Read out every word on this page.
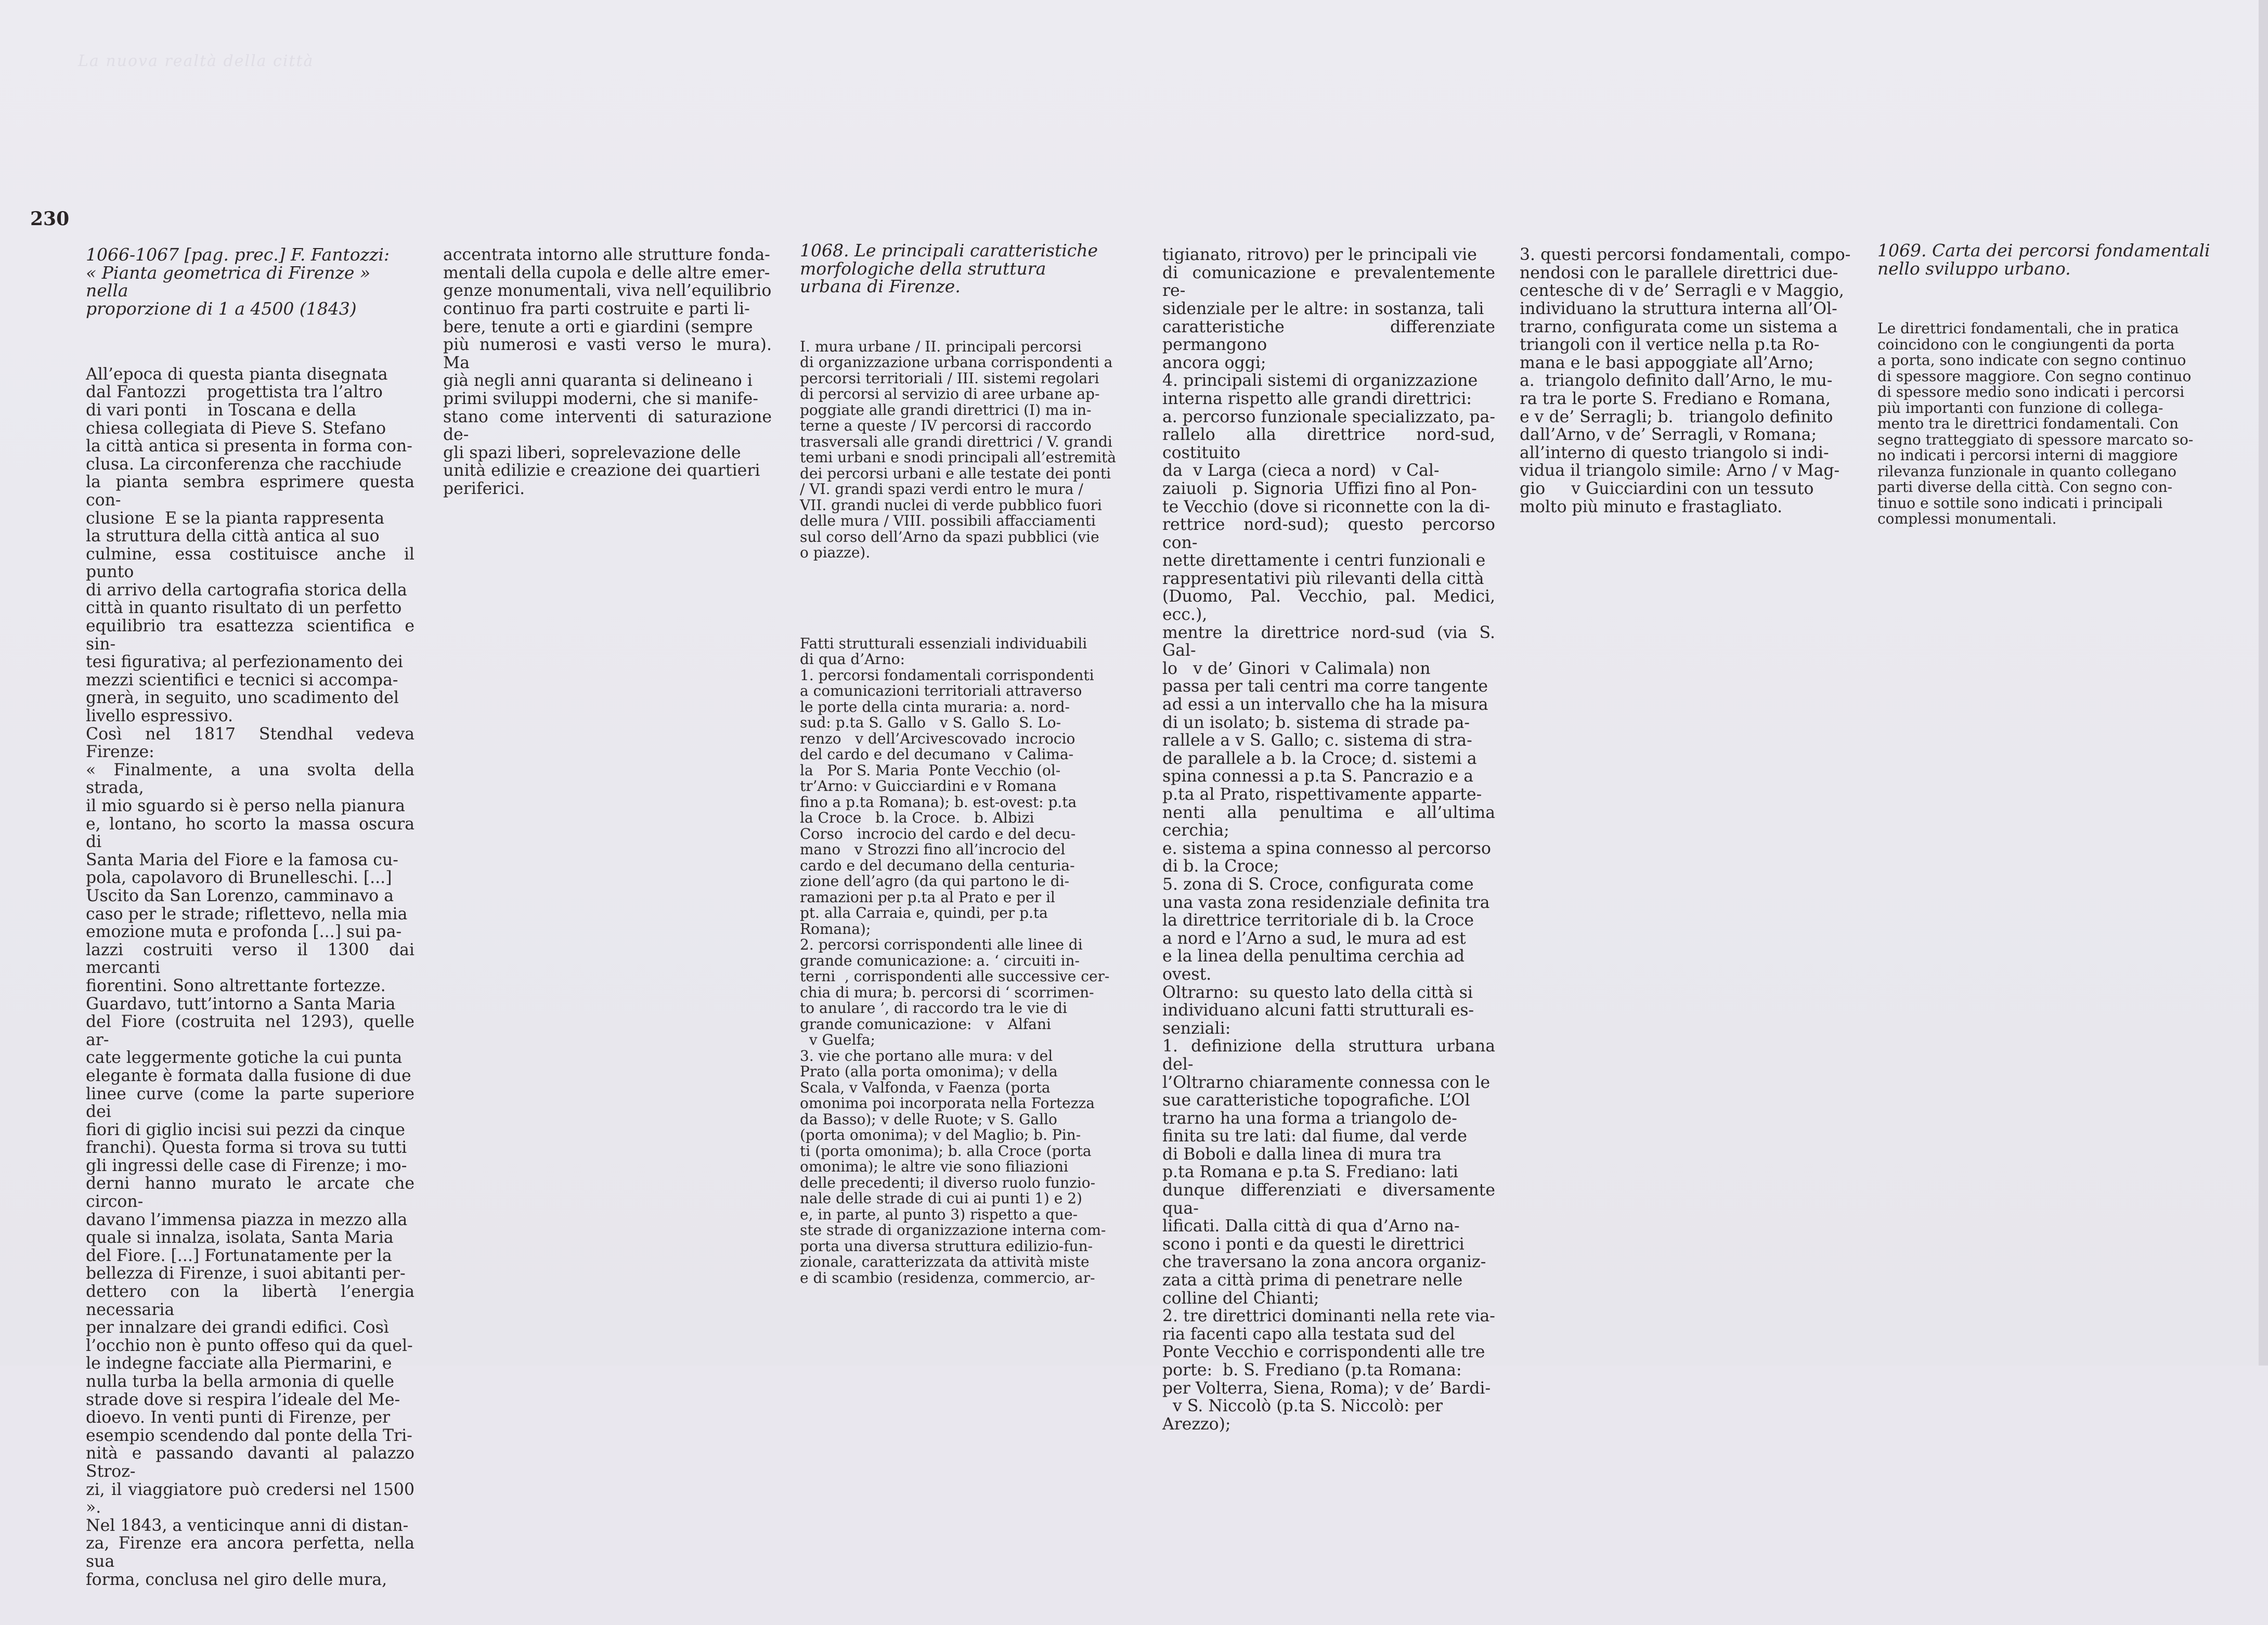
La nuova realtà della città
230

1066-1067 [pag. prec.] F. Fantozzi:
« Pianta geometrica di Firenze » nella
proporzione di 1 a 4500 (1843)

All’epoca di questa pianta disegnata
dal Fantozzi    progettista tra l’altro
di vari ponti    in Toscana e della
chiesa collegiata di Pieve S. Stefano
la città antica si presenta in forma con-
clusa. La circonferenza che racchiude
la pianta sembra esprimere questa con-
clusione  E se la pianta rappresenta
la struttura della città antica al suo
culmine, essa costituisce anche il punto
di arrivo della cartografia storica della
città in quanto risultato di un perfetto
equilibrio tra esattezza scientifica e sin-
tesi figurativa; al perfezionamento dei
mezzi scientifici e tecnici si accompa-
gnerà, in seguito, uno scadimento del
livello espressivo.
Così nel 1817 Stendhal vedeva Firenze:
« Finalmente, a una svolta della strada,
il mio sguardo si è perso nella pianura
e, lontano, ho scorto la massa oscura di
Santa Maria del Fiore e la famosa cu-
pola, capolavoro di Brunelleschi. [...]
Uscito da San Lorenzo, camminavo a
caso per le strade; riflettevo, nella mia
emozione muta e profonda [...] sui pa-
lazzi costruiti verso il 1300 dai mercanti
fiorentini. Sono altrettante fortezze.
Guardavo, tutt’intorno a Santa Maria
del Fiore (costruita nel 1293), quelle ar-
cate leggermente gotiche la cui punta
elegante è formata dalla fusione di due
linee curve (come la parte superiore dei
fiori di giglio incisi sui pezzi da cinque
franchi). Questa forma si trova su tutti
gli ingressi delle case di Firenze; i mo-
derni hanno murato le arcate che circon-
davano l’immensa piazza in mezzo alla
quale si innalza, isolata, Santa Maria
del Fiore. [...] Fortunatamente per la
bellezza di Firenze, i suoi abitanti per-
dettero con la libertà l’energia necessaria
per innalzare dei grandi edifici. Così
l’occhio non è punto offeso qui da quel-
le indegne facciate alla Piermarini, e
nulla turba la bella armonia di quelle
strade dove si respira l’ideale del Me-
dioevo. In venti punti di Firenze, per
esempio scendendo dal ponte della Tri-
nità e passando davanti al palazzo Stroz-
zi, il viaggiatore può credersi nel 1500 ».
Nel 1843, a venticinque anni di distan-
za, Firenze era ancora perfetta, nella sua
forma, conclusa nel giro delle mura,

accentrata intorno alle strutture fonda-
mentali della cupola e delle altre emer-
genze monumentali, viva nell’equilibrio
continuo fra parti costruite e parti li-
bere, tenute a orti e giardini (sempre
più numerosi e vasti verso le mura). Ma
già negli anni quaranta si delineano i
primi sviluppi moderni, che si manife-
stano come interventi di saturazione de-
gli spazi liberi, soprelevazione delle
unità edilizie e creazione dei quartieri
periferici.

1068. Le principali caratteristiche
morfologiche della struttura
urbana di Firenze.

I. mura urbane / II. principali percorsi
di organizzazione urbana corrispondenti a
percorsi territoriali / III. sistemi regolari
di percorsi al servizio di aree urbane ap-
poggiate alle grandi direttrici (I) ma in-
terne a queste / IV percorsi di raccordo
trasversali alle grandi direttrici / V. grandi
temi urbani e snodi principali all’estremità
dei percorsi urbani e alle testate dei ponti
/ VI. grandi spazi verdi entro le mura /
VII. grandi nuclei di verde pubblico fuori
delle mura / VIII. possibili affacciamenti
sul corso dell’Arno da spazi pubblici (vie
o piazze).

Fatti strutturali essenziali individuabili
di qua d’Arno:
1. percorsi fondamentali corrispondenti
a comunicazioni territoriali attraverso
le porte della cinta muraria: a. nord-
sud: p.ta S. Gallo   v S. Gallo  S. Lo-
renzo   v dell’Arcivescovado  incrocio
del cardo e del decumano   v Calima-
la   Por S. Maria  Ponte Vecchio (ol-
tr’Arno: v Guicciardini e v Romana
fino a p.ta Romana); b. est-ovest: p.ta
la Croce   b. la Croce.   b. Albizi
Corso   incrocio del cardo e del decu-
mano   v Strozzi fino all’incrocio del
cardo e del decumano della centuria-
zione dell’agro (da qui partono le di-
ramazioni per p.ta al Prato e per il
pt. alla Carraia e, quindi, per p.ta
Romana);
2. percorsi corrispondenti alle linee di
grande comunicazione: a. ‘ circuiti in-
terni  , corrispondenti alle successive cer-
chia di mura; b. percorsi di ‘ scorrimen-
to anulare ’, di raccordo tra le vie di
grande comunicazione:   v   Alfani
v Guelfa;
3. vie che portano alle mura: v del
Prato (alla porta omonima); v della
Scala, v Valfonda, v Faenza (porta
omonima poi incorporata nella Fortezza
da Basso); v delle Ruote; v S. Gallo
(porta omonima); v del Maglio; b. Pin-
ti (porta omonima); b. alla Croce (porta
omonima); le altre vie sono filiazioni
delle precedenti; il diverso ruolo funzio-
nale delle strade di cui ai punti 1) e 2)
e, in parte, al punto 3) rispetto a que-
ste strade di organizzazione interna com-
porta una diversa struttura edilizio-fun-
zionale, caratterizzata da attività miste
e di scambio (residenza, commercio, ar-

tigianato, ritrovo) per le principali vie
di comunicazione e prevalentemente re-
sidenziale per le altre: in sostanza, tali
caratteristiche differenziate permangono
ancora oggi;
4. principali sistemi di organizzazione
interna rispetto alle grandi direttrici:
a. percorso funzionale specializzato, pa-
rallelo alla direttrice nord-sud, costituito
da  v Larga (cieca a nord)   v Cal-
zaiuoli   p. Signoria  Uffizi fino al Pon-
te Vecchio (dove si riconnette con la di-
rettrice nord-sud); questo percorso con-
nette direttamente i centri funzionali e
rappresentativi più rilevanti della città
(Duomo, Pal. Vecchio, pal. Medici, ecc.),
mentre la direttrice nord-sud (via S. Gal-
lo   v de’ Ginori  v Calimala) non
passa per tali centri ma corre tangente
ad essi a un intervallo che ha la misura
di un isolato; b. sistema di strade pa-
rallele a v S. Gallo; c. sistema di stra-
de parallele a b. la Croce; d. sistemi a
spina connessi a p.ta S. Pancrazio e a
p.ta al Prato, rispettivamente apparte-
nenti alla penultima e all’ultima cerchia;
e. sistema a spina connesso al percorso
di b. la Croce;
5. zona di S. Croce, configurata come
una vasta zona residenziale definita tra
la direttrice territoriale di b. la Croce
a nord e l’Arno a sud, le mura ad est
e la linea della penultima cerchia ad
ovest.
Oltrarno:  su questo lato della città si
individuano alcuni fatti strutturali es-
senziali:
1. definizione della struttura urbana del-
l’Oltrarno chiaramente connessa con le
sue caratteristiche topografiche. L’Ol
trarno ha una forma a triangolo de-
finita su tre lati: dal fiume, dal verde
di Boboli e dalla linea di mura tra
p.ta Romana e p.ta S. Frediano: lati
dunque differenziati e diversamente qua-
lificati. Dalla città di qua d’Arno na-
scono i ponti e da questi le direttrici
che traversano la zona ancora organiz-
zata a città prima di penetrare nelle
colline del Chianti;
2. tre direttrici dominanti nella rete via-
ria facenti capo alla testata sud del
Ponte Vecchio e corrispondenti alle tre
porte:  b. S. Frediano (p.ta Romana:
per Volterra, Siena, Roma); v de’ Bardi-
v S. Niccolò (p.ta S. Niccolò: per
Arezzo);

3. questi percorsi fondamentali, compo-
nendosi con le parallele direttrici due-
centesche di v de’ Serragli e v Maggio,
individuano la struttura interna all’Ol-
trarno, configurata come un sistema a
triangoli con il vertice nella p.ta Ro-
mana e le basi appoggiate all’Arno;
a.  triangolo definito dall’Arno, le mu-
ra tra le porte S. Frediano e Romana,
e v de’ Serragli; b.   triangolo definito
dall’Arno, v de’ Serragli, v Romana;
all’interno di questo triangolo si indi-
vidua il triangolo simile: Arno / v Mag-
gio     v Guicciardini con un tessuto
molto più minuto e frastagliato.

1069. Carta dei percorsi fondamentali
nello sviluppo urbano.

Le direttrici fondamentali, che in pratica
coincidono con le congiungenti da porta
a porta, sono indicate con segno continuo
di spessore maggiore. Con segno continuo
di spessore medio sono indicati i percorsi
più importanti con funzione di collega-
mento tra le direttrici fondamentali. Con
segno tratteggiato di spessore marcato so-
no indicati i percorsi interni di maggiore
rilevanza funzionale in quanto collegano
parti diverse della città. Con segno con-
tinuo e sottile sono indicati i principali
complessi monumentali.
